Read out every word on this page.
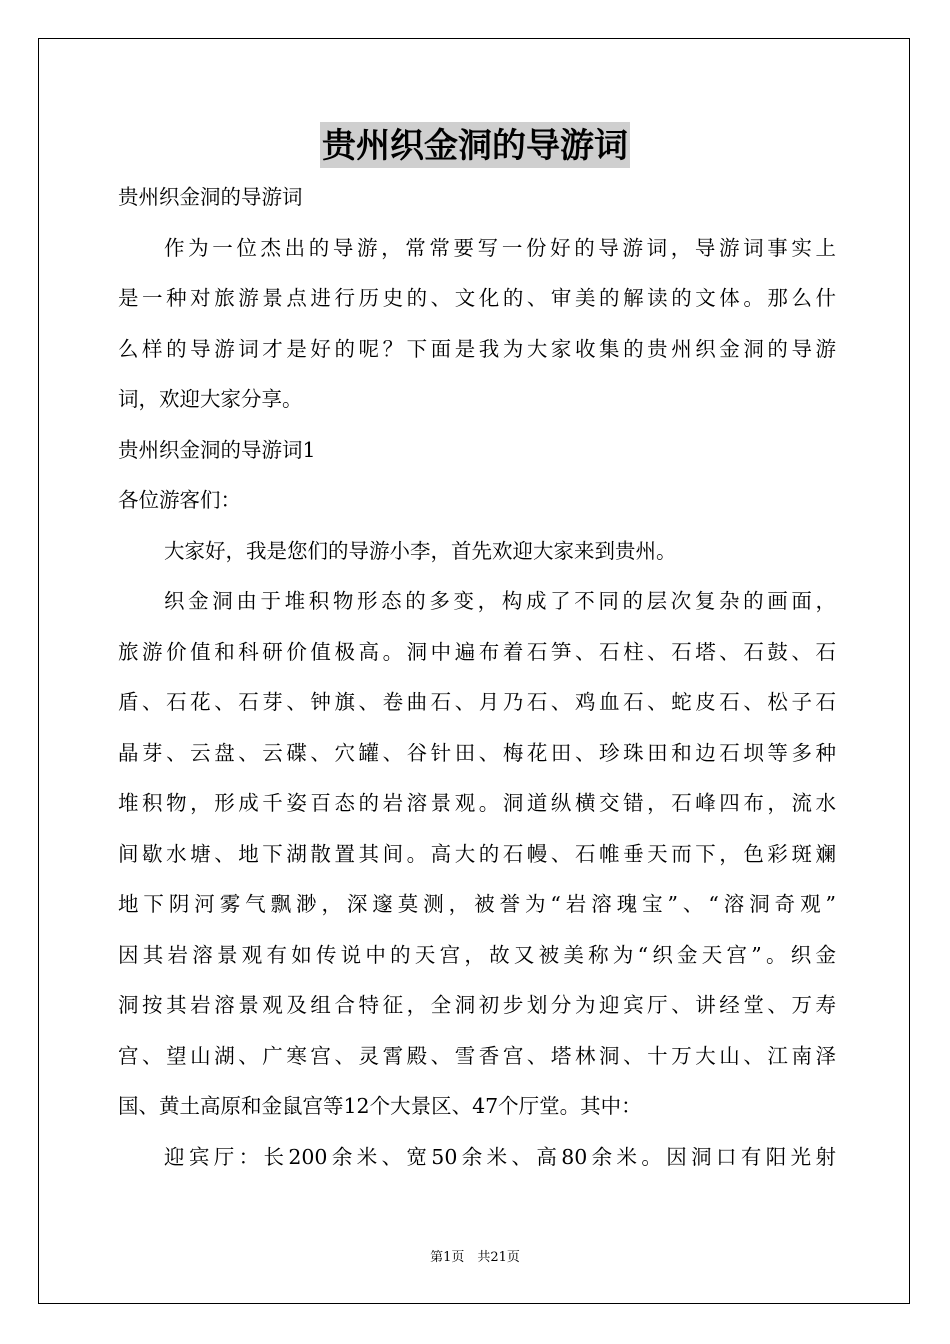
贵州织金洞的导游词
贵州织金洞的导游词
作为一位杰出的导游，常常要写一份好的导游词，导游词事实上
是一种对旅游景点进行历史的、文化的、审美的解读的文体。那么什
么样的导游词才是好的呢？下面是我为大家收集的贵州织金洞的导游
词，欢迎大家分享。
贵州织金洞的导游词1
各位游客们：
大家好，我是您们的导游小李，首先欢迎大家来到贵州。
织金洞由于堆积物形态的多变，构成了不同的层次复杂的画面，
旅游价值和科研价值极高。洞中遍布着石笋、石柱、石塔、石鼓、石
盾、石花、石芽、钟旗、卷曲石、月乃石、鸡血石、蛇皮石、松子石
晶芽、云盘、云碟、穴罐、谷针田、梅花田、珍珠田和边石坝等多种
堆积物，形成千姿百态的岩溶景观。洞道纵横交错，石峰四布，流水
间歇水塘、地下湖散置其间。高大的石幔、石帷垂天而下，色彩斑斓
地下阴河雾气飘渺，深邃莫测，被誉为“岩溶瑰宝”、“溶洞奇观”
因其岩溶景观有如传说中的天宫，故又被美称为“织金天宫”。织金
洞按其岩溶景观及组合特征，全洞初步划分为迎宾厅、讲经堂、万寿
宫、望山湖、广寒宫、灵霄殿、雪香宫、塔林洞、十万大山、江南泽
国、黄土高原和金鼠宫等12个大景区、47个厅堂。其中：
迎宾厅：长200余米、宽50余米、高80余米。因洞口有阳光射
第1页　共21页
